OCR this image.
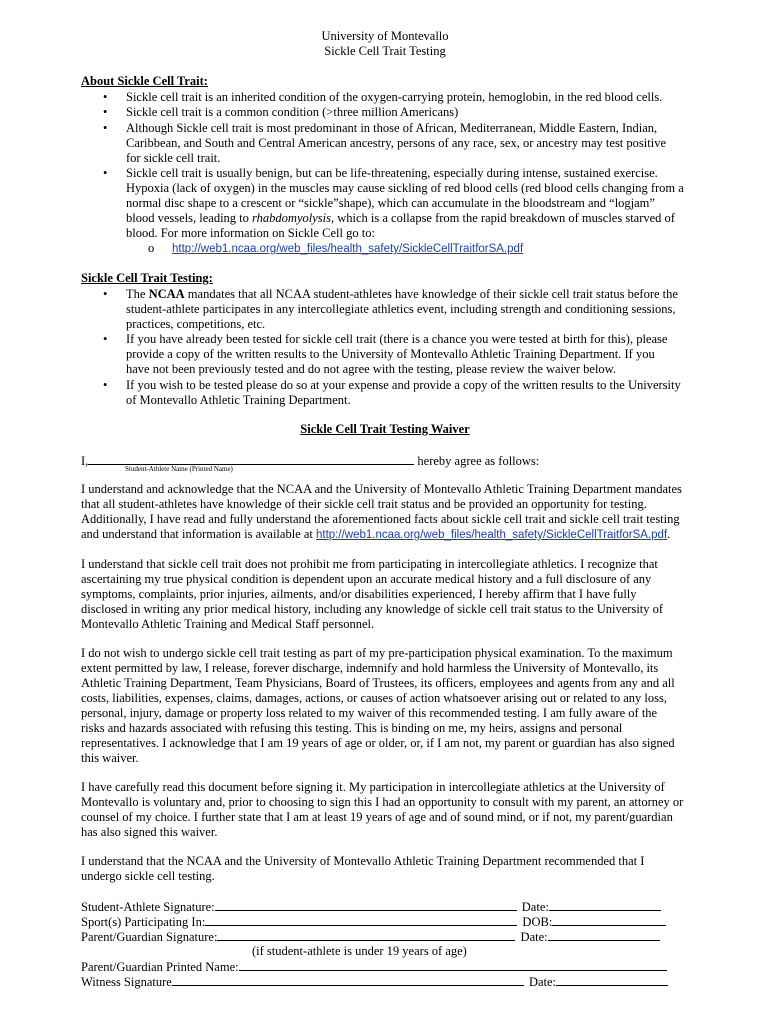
University of Montevallo
Sickle Cell Trait Testing
About Sickle Cell Trait:
• Sickle cell trait is an inherited condition of the oxygen-carrying protein, hemoglobin, in the red blood cells.
• Sickle cell trait is a common condition (>three million Americans)
• Although Sickle cell trait is most predominant in those of African, Mediterranean, Middle Eastern, Indian,
Caribbean, and South and Central American ancestry, persons of any race, sex, or ancestry may test positive
for sickle cell trait.
• Sickle cell trait is usually benign, but can be life-threatening, especially during intense, sustained exercise.
Hypoxia (lack of oxygen) in the muscles may cause sickling of red blood cells (red blood cells changing from a
normal disc shape to a crescent or “sickle”shape), which can accumulate in the bloodstream and “logjam”
blood vessels, leading to rhabdomyolysis, which is a collapse from the rapid breakdown of muscles starved of
blood. For more information on Sickle Cell go to:
o http://web1.ncaa.org/web_files/health_safety/SickleCellTraitforSA.pdf
Sickle Cell Trait Testing:
• The NCAA mandates that all NCAA student-athletes have knowledge of their sickle cell trait status before the
student-athlete participates in any intercollegiate athletics event, including strength and conditioning sessions,
practices, competitions, etc.
• If you have already been tested for sickle cell trait (there is a chance you were tested at birth for this), please
provide a copy of the written results to the University of Montevallo Athletic Training Department. If you
have not been previously tested and do not agree with the testing, please review the waiver below.
• If you wish to be tested please do so at your expense and provide a copy of the written results to the University
of Montevallo Athletic Training Department.
Sickle Cell Trait Testing Waiver
I,	hereby agree as follows:
Student-Athlete Name (Printed Name)
I understand and acknowledge that the NCAA and the University of Montevallo Athletic Training Department mandates
that all student-athletes have knowledge of their sickle cell trait status and be provided an opportunity for testing.
Additionally, I have read and fully understand the aforementioned facts about sickle cell trait and sickle cell trait testing
and understand that information is available at http://web1.ncaa.org/web_files/health_safety/SickleCellTraitforSA.pdf.
I understand that sickle cell trait does not prohibit me from participating in intercollegiate athletics. I recognize that
ascertaining my true physical condition is dependent upon an accurate medical history and a full disclosure of any
symptoms, complaints, prior injuries, ailments, and/or disabilities experienced, I hereby affirm that I have fully
disclosed in writing any prior medical history, including any knowledge of sickle cell trait status to the University of
Montevallo Athletic Training and Medical Staff personnel.
I do not wish to undergo sickle cell trait testing as part of my pre-participation physical examination. To the maximum
extent permitted by law, I release, forever discharge, indemnify and hold harmless the University of Montevallo, its
Athletic Training Department, Team Physicians, Board of Trustees, its officers, employees and agents from any and all
costs, liabilities, expenses, claims, damages, actions, or causes of action whatsoever arising out or related to any loss,
personal, injury, damage or property loss related to my waiver of this recommended testing. I am fully aware of the
risks and hazards associated with refusing this testing. This is binding on me, my heirs, assigns and personal
representatives. I acknowledge that I am 19 years of age or older, or, if I am not, my parent or guardian has also signed
this waiver.
I have carefully read this document before signing it. My participation in intercollegiate athletics at the University of
Montevallo is voluntary and, prior to choosing to sign this I had an opportunity to consult with my parent, an attorney or
counsel of my choice. I further state that I am at least 19 years of age and of sound mind, or if not, my parent/guardian
has also signed this waiver.
I understand that the NCAA and the University of Montevallo Athletic Training Department recommended that I
undergo sickle cell testing.
Student-Athlete Signature:	Date:
Sport(s) Participating In:	DOB:
Parent/Guardian Signature:	Date:
(if student-athlete is under 19 years of age)
Parent/Guardian Printed Name:
Witness Signature	Date:
